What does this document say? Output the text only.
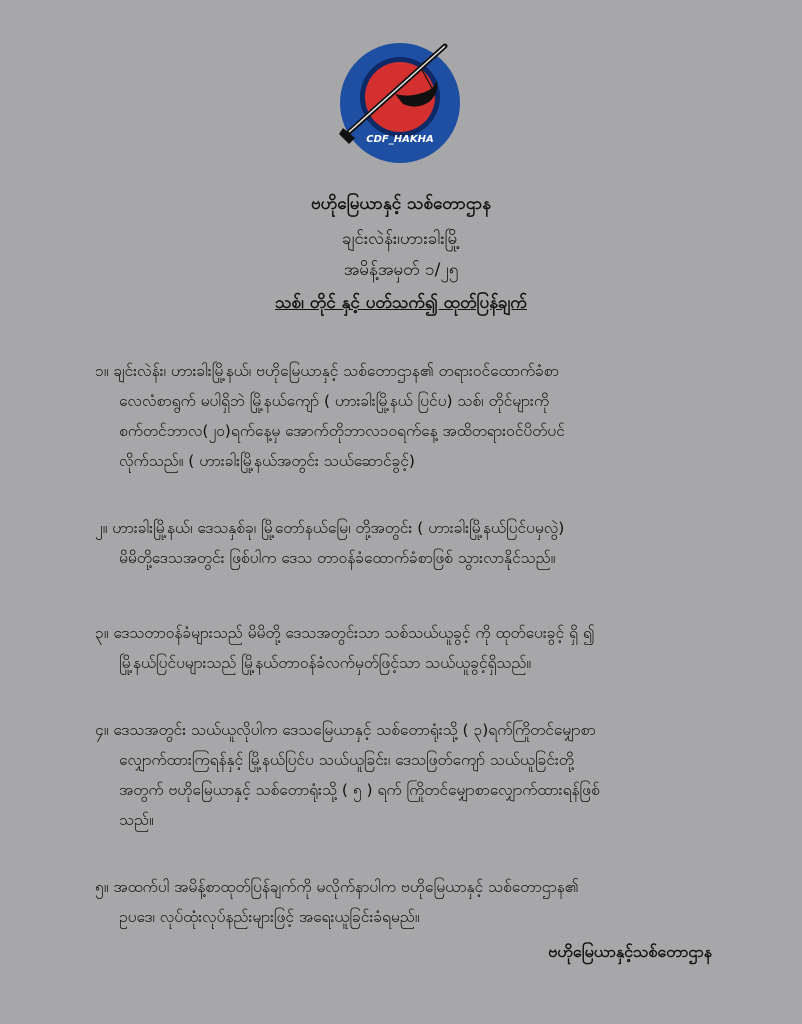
CDF_HAKHA
ဗဟိုမြေယာနှင့် သစ်တောဌာန
ချင်းလဲန်း၊ဟားခါးမြို့
အမိန့်အမှတ် ၁/၂၅
သစ်၊ တိုင် နှင့် ပတ်သက်၍ ထုတ်ပြန်ချက်
၁။ ချင်းလဲန်း၊ ဟားခါးမြို့နယ်၊ ဗဟိုမြေယာနှင့် သစ်တောဌာန၏ တရားဝင်ထောက်ခံစာ
လေလံစာရွက် မပါရှိဘဲ မြို့နယ်ကျော် ( ဟားခါးမြို့နယ် ပြင်ပ) သစ်၊ တိုင်များကို
စက်တင်ဘာလ(၂၀)ရက်နေ့မှ အောက်တိုဘာလ၁၀ရက်နေ့ အထိတရားဝင်ပိတ်ပင်
လိုက်သည်။ ( ဟားခါးမြို့နယ်အတွင်း သယ်ဆောင်ခွင့်)
၂။ ဟားခါးမြို့နယ်၊ ဒေသနှစ်ခု၊ မြို့တော်နယ်မြေ၊ တို့အတွင်း ( ဟားခါးမြို့နယ်ပြင်ပမှလွဲ)
မိမိတို့ဒေသအတွင်း ဖြစ်ပါက ဒေသ တာဝန်ခံထောက်ခံစာဖြစ် သွားလာနိုင်သည်။
၃။ ဒေသတာဝန်ခံများသည် မိမိတို့ ဒေသအတွင်းသာ သစ်သယ်ယူခွင့် ကို ထုတ်ပေးခွင့် ရှိ ၍
မြို့နယ်ပြင်ပများသည် မြို့နယ်တာဝန်ခံလက်မှတ်ဖြင့်သာ သယ်ယူခွင့်ရှိသည်။
၄။ ဒေသအတွင်း သယ်ယူလိုပါက ဒေသမြေယာနှင့် သစ်တောရုံးသို့ ( ၃)ရက်ကြိုတင်မျှောစာ
လျှောက်ထားကြရန်နှင့် မြို့နယ်ပြင်ပ သယ်ယူခြင်း၊ ဒေသဖြတ်ကျော် သယ်ယူခြင်းတို့
အတွက် ဗဟိုမြေယာနှင့် သစ်တောရုံးသို့ ( ၅ ) ရက် ကြိုတင်မျှောစာလျှောက်ထားရန်ဖြစ်
သည်။
၅။ အထက်ပါ အမိန့်စာထုတ်ပြန်ချက်ကို မလိုက်နာပါက ဗဟိုမြေယာနှင့် သစ်တောဌာန၏
ဥပဒေ၊ လုပ်ထုံးလုပ်နည်းများဖြင့် အရေးယူခြင်းခံရမည်။
ဗဟိုမြေယာနှင့်သစ်တောဌာန
